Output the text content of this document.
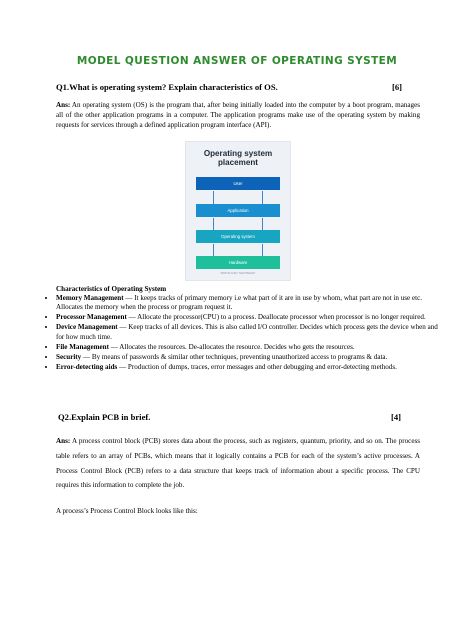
MODEL QUESTION ANSWER OF OPERATING SYSTEM
Q1.What is operating system? Explain characteristics of OS.	[6]
Ans: An operating system (OS) is the program that, after being initially loaded into the computer by a boot program, manages all of the other application programs in a computer. The application programs make use of the operating system by making requests for services through a defined application program interface (API).
Operating system
placement
User
Application
Operating system
Hardware
WHATIS.COM / TECHTARGET
Characteristics of Operating System
• Memory Management — It keeps tracks of primary memory i.e what part of it are in use by whom, what part are not in use etc. Allocates the memory when the process or program request it.
• Processor Management — Allocate the processor(CPU) to a process. Deallocate processor when processor is no longer required.
• Device Management — Keep tracks of all devices. This is also called I/O controller. Decides which process gets the device when and for how much time.
• File Management — Allocates the resources. De-allocates the resource. Decides who gets the resources.
• Security — By means of passwords & similar other techniques, preventing unauthorized access to programs & data.
• Error-detecting aids — Production of dumps, traces, error messages and other debugging and error-detecting methods.
Q2.Explain PCB in brief.	[4]
Ans: A process control block (PCB) stores data about the process, such as registers, quantum, priority, and so on. The process table refers to an array of PCBs, which means that it logically contains a PCB for each of the system’s active processes. A Process Control Block (PCB) refers to a data structure that keeps track of information about a specific process. The CPU requires this information to complete the job.
A process’s Process Control Block looks like this:
